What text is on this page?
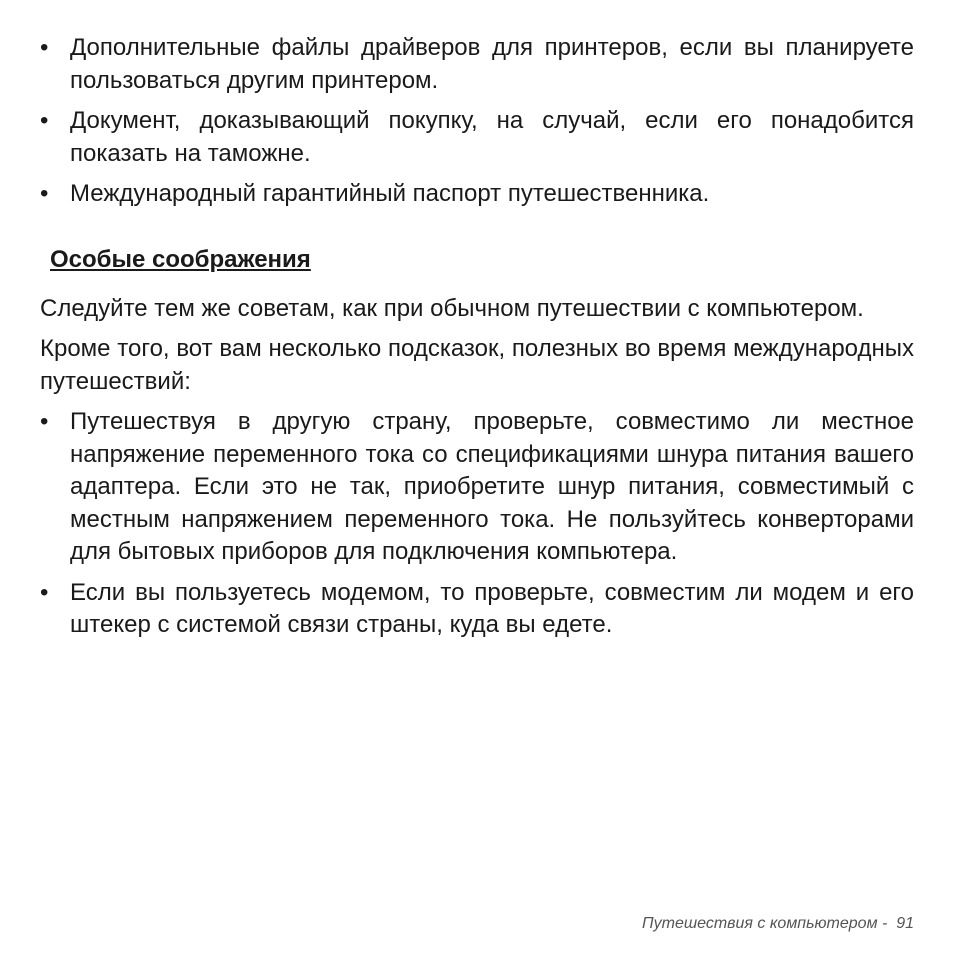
• Дополнительные файлы драйверов для принтеров, если вы планируете пользоваться другим принтером.
• Документ, доказывающий покупку, на случай, если его понадобится показать на таможне.
• Международный гарантийный паспорт путешественника.
Особые соображения

Следуйте тем же советам, как при обычном путешествии с компьютером.

Кроме того, вот вам несколько подсказок, полезных во время международных путешествий:

• Путешествуя в другую страну, проверьте, совместимо ли местное напряжение переменного тока со спецификациями шнура питания вашего адаптера. Если это не так, приобретите шнур питания, совместимый с местным напряжением переменного тока. Не пользуйтесь конверторами для бытовых приборов для подключения компьютера.
• Если вы пользуетесь модемом, то проверьте, совместим ли модем и его штекер с системой связи страны, куда вы едете.
Путешествия с компьютером - 91
